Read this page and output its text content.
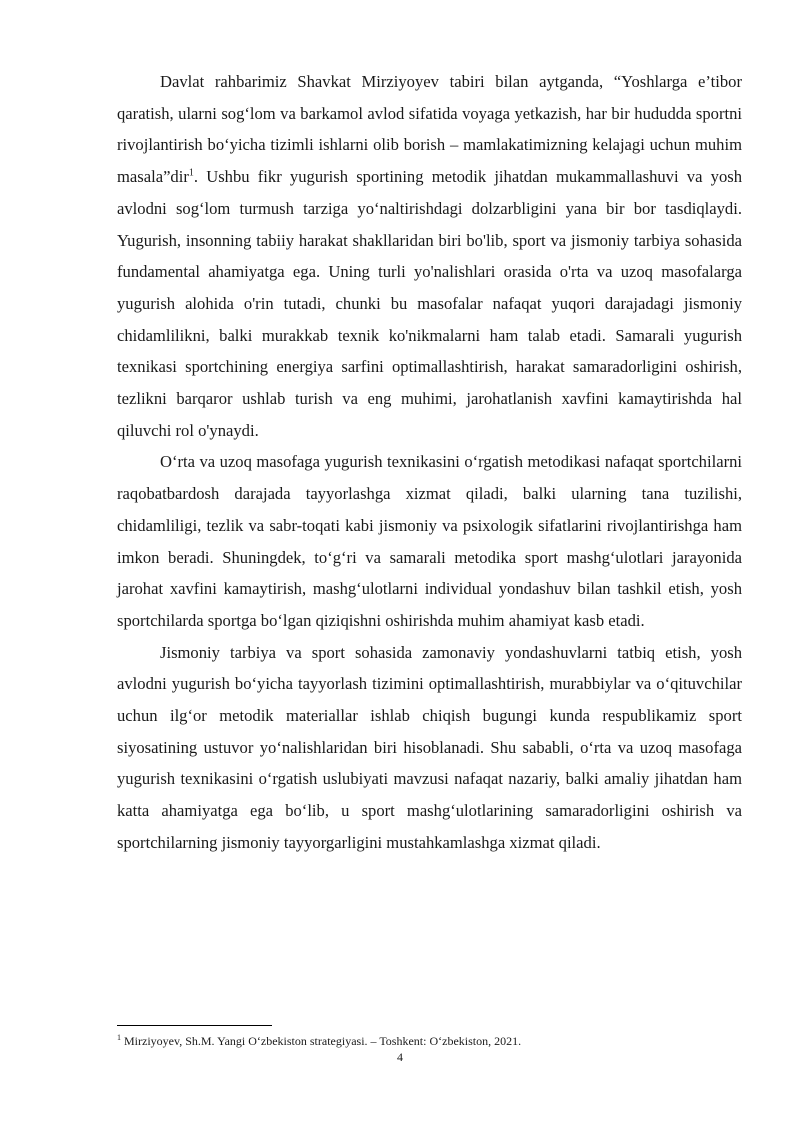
Davlat rahbarimiz Shavkat Mirziyoyev tabiri bilan aytganda, “Yoshlarga e’tibor qaratish, ularni sog‘lom va barkamol avlod sifatida voyaga yetkazish, har bir hududda sportni rivojlantirish bo‘yicha tizimli ishlarni olib borish – mamlakatimizning kelajagi uchun muhim masala”dir$^1$. Ushbu fikr yugurish sportining metodik jihatdan mukammallashuvi va yosh avlodni sog‘lom turmush tarziga yo‘naltirishdagi dolzarbligini yana bir bor tasdiqlaydi. Yugurish, insonning tabiiy harakat shakllaridan biri bo'lib, sport va jismoniy tarbiya sohasida fundamental ahamiyatga ega. Uning turli yo'nalishlari orasida o'rta va uzoq masofalarga yugurish alohida o'rin tutadi, chunki bu masofalar nafaqat yuqori darajadagi jismoniy chidamlilikni, balki murakkab texnik ko'nikmalarni ham talab etadi. Samarali yugurish texnikasi sportchining energiya sarfini optimallashtirish, harakat samaradorligini oshirish, tezlikni barqaror ushlab turish va eng muhimi, jarohatlanish xavfini kamaytirishda hal qiluvchi rol o'ynaydi.

O‘rta va uzoq masofaga yugurish texnikasini o‘rgatish metodikasi nafaqat sportchilarni raqobatbardosh darajada tayyorlashga xizmat qiladi, balki ularning tana tuzilishi, chidamliligi, tezlik va sabr-toqati kabi jismoniy va psixologik sifatlarini rivojlantirishga ham imkon beradi. Shuningdek, to‘g‘ri va samarali metodika sport mashg‘ulotlari jarayonida jarohat xavfini kamaytirish, mashg‘ulotlarni individual yondashuv bilan tashkil etish, yosh sportchilarda sportga bo‘lgan qiziqishni oshirishda muhim ahamiyat kasb etadi.

Jismoniy tarbiya va sport sohasida zamonaviy yondashuvlarni tatbiq etish, yosh avlodni yugurish bo‘yicha tayyorlash tizimini optimallashtirish, murabbiylar va o‘qituvchilar uchun ilg‘or metodik materiallar ishlab chiqish bugungi kunda respublikamiz sport siyosatining ustuvor yo‘nalishlaridan biri hisoblanadi. Shu sababli, o‘rta va uzoq masofaga yugurish texnikasini o‘rgatish uslubiyati mavzusi nafaqat nazariy, balki amaliy jihatdan ham katta ahamiyatga ega bo‘lib, u sport mashg‘ulotlarining samaradorligini oshirish va sportchilarning jismoniy tayyorgarligini mustahkamlashga xizmat qiladi.

$^1$ Mirziyoyev, Sh.M. Yangi O‘zbekiston strategiyasi. – Toshkent: O‘zbekiston, 2021.

4
